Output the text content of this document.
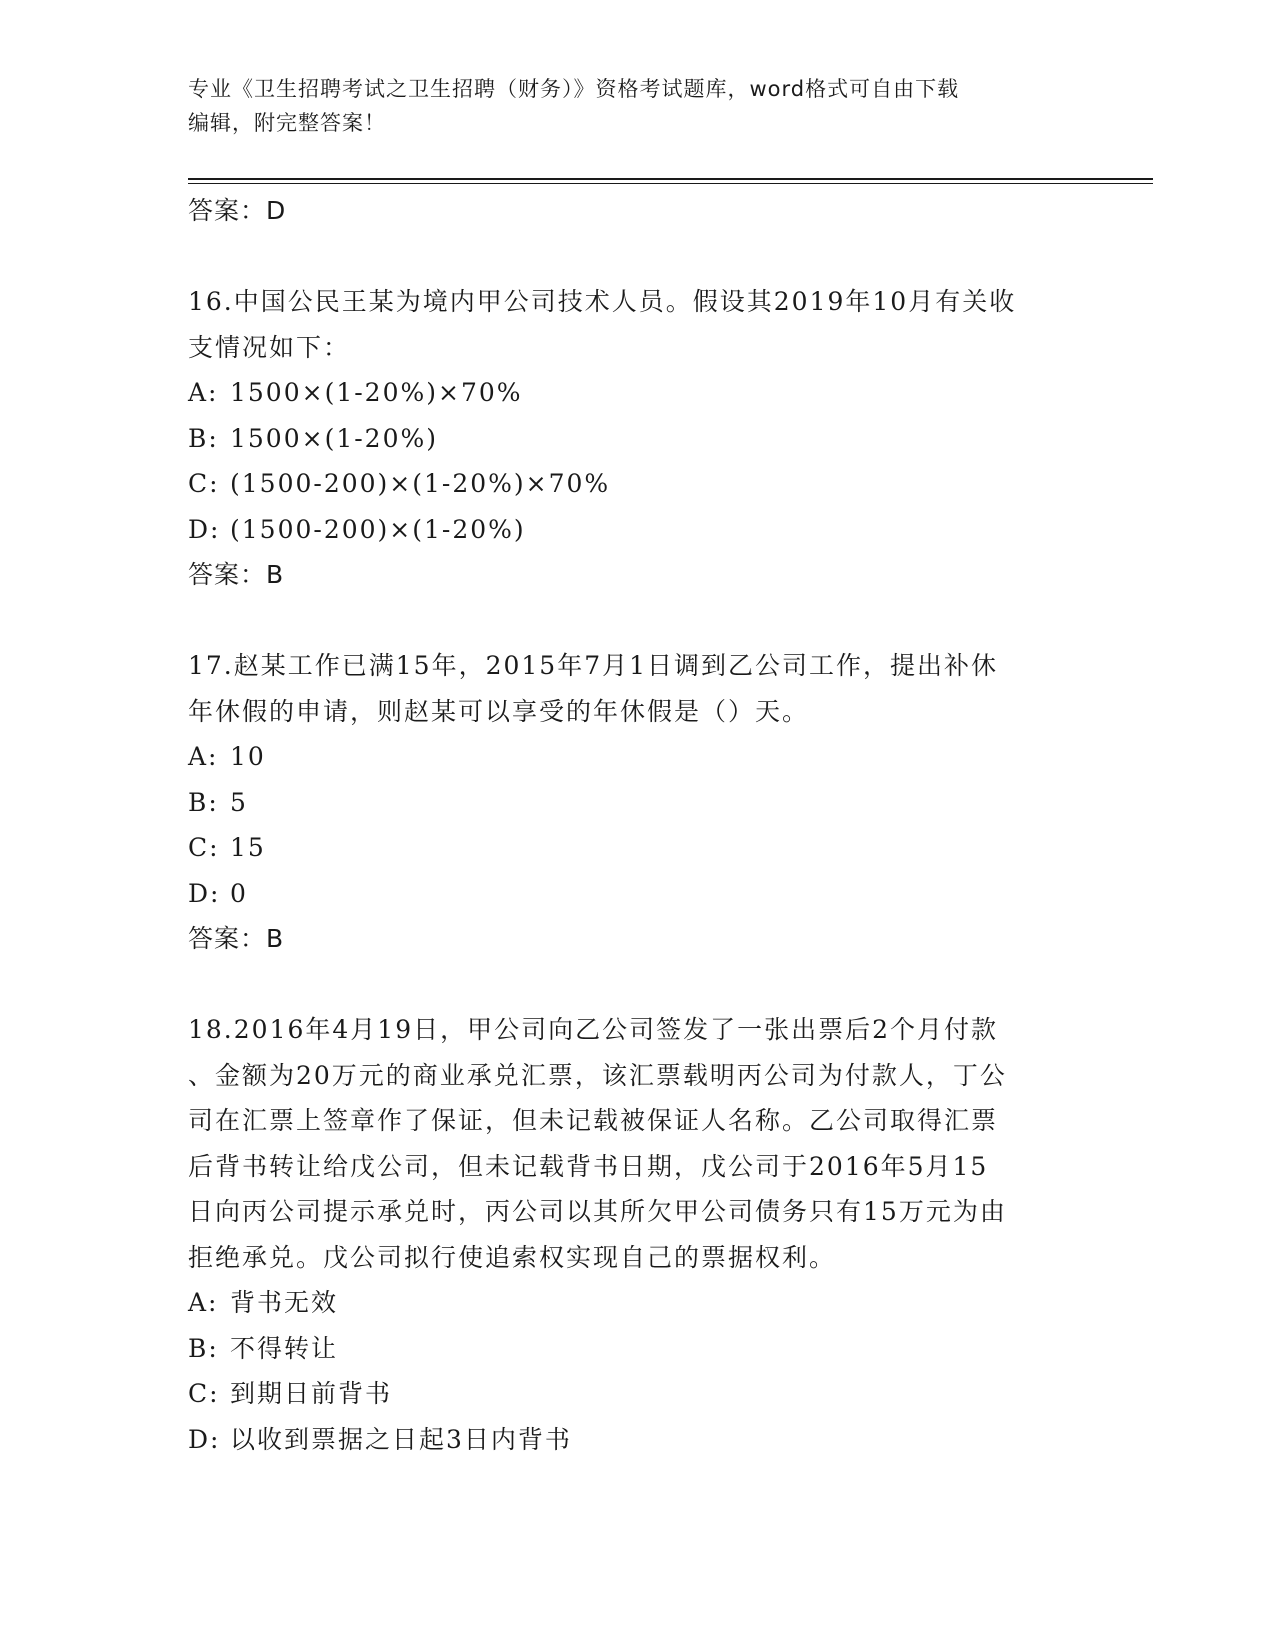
专业《卫生招聘考试之卫生招聘（财务）》资格考试题库，word格式可自由下载
编辑，附完整答案！

答案：D

16.中国公民王某为境内甲公司技术人员。假设其2019年10月有关收

支情况如下：

A: 1500×(1-20%)×70%

B: 1500×(1-20%)

C: (1500-200)×(1-20%)×70%

D: (1500-200)×(1-20%)

答案：B

17.赵某工作已满15年，2015年7月1日调到乙公司工作，提出补休

年休假的申请，则赵某可以享受的年休假是（）天。

A: 10

B: 5

C: 15

D: 0

答案：B

18.2016年4月19日，甲公司向乙公司签发了一张出票后2个月付款

、金额为20万元的商业承兑汇票，该汇票载明丙公司为付款人，丁公

司在汇票上签章作了保证，但未记载被保证人名称。乙公司取得汇票

后背书转让给戊公司，但未记载背书日期，戊公司于2016年5月15

日向丙公司提示承兑时，丙公司以其所欠甲公司债务只有15万元为由

拒绝承兑。戊公司拟行使追索权实现自己的票据权利。

A: 背书无效

B: 不得转让

C: 到期日前背书

D: 以收到票据之日起3日内背书
